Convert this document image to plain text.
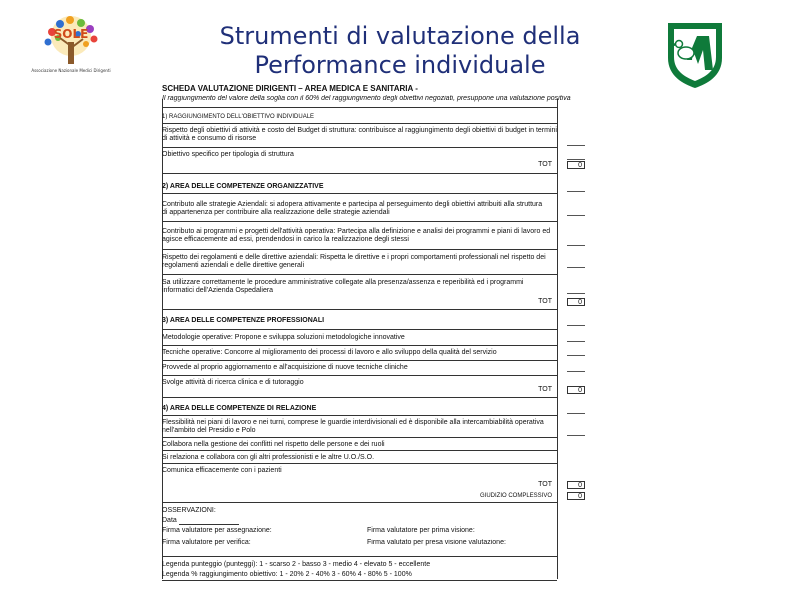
Strumenti di valutazione della
Performance individuale
SOLE
Associazione Nazionale Medici Dirigenti
SCHEDA VALUTAZIONE DIRIGENTI – AREA MEDICA E SANITARIA -
Il raggiungimento del valore della soglia con il 60% del raggiungimento degli obiettivi negoziati, presuppone una valutazione positiva
1) RAGGIUNGIMENTO DELL'OBIETTIVO INDIVIDUALE
Rispetto degli obiettivi di attività e costo del Budget di struttura: contribuisce al raggiungimento degli obiettivi di budget in termini di attività e consumo di risorse
Obiettivo specifico per tipologia di struttura
TOT	0
2) AREA DELLE COMPETENZE ORGANIZZATIVE
Contributo alle strategie Aziendali: si adopera attivamente e partecipa al perseguimento degli obiettivi attribuiti alla struttura di appartenenza per contribuire alla realizzazione delle strategie aziendali
Contributo ai programmi e progetti dell'attività operativa: Partecipa alla definizione e analisi dei programmi e piani di lavoro ed agisce efficacemente ad essi, prendendosi in carico la realizzazione degli stessi
Rispetto dei regolamenti e delle direttive aziendali: Rispetta le direttive e i propri comportamenti professionali nel rispetto dei regolamenti aziendali e delle direttive generali
Sa utilizzare correttamente le procedure amministrative collegate alla presenza/assenza e reperibilità ed i programmi informatici dell'Azienda Ospedaliera
TOT	0
3) AREA DELLE COMPETENZE PROFESSIONALI
Metodologie operative: Propone e sviluppa soluzioni metodologiche innovative
Tecniche operative: Concorre al miglioramento dei processi di lavoro e allo sviluppo della qualità del servizio
Provvede al proprio aggiornamento e all'acquisizione di nuove tecniche cliniche
Svolge attività di ricerca clinica e di tutoraggio
TOT	0
4) AREA DELLE COMPETENZE DI RELAZIONE
Flessibilità nei piani di lavoro e nei turni, comprese le guardie interdivisionali ed è disponibile alla intercambiabilità operativa nell'ambito del Presidio e Polo
Collabora nella gestione dei conflitti nel rispetto delle persone e dei ruoli
Si relaziona e collabora con gli altri professionisti e le altre U.O./S.O.
Comunica efficacemente con i pazienti
TOT	0
GIUDIZIO COMPLESSIVO	0
OSSERVAZIONI:
Data
Firma valutatore per assegnazione:	Firma valutatore per prima visione:
Firma valutatore per verifica:	Firma valutato per presa visione valutazione:
Legenda punteggio (punteggi): 1 - scarso 2 - basso 3 - medio 4 - elevato 5 - eccellente
Legenda % raggiungimento obiettivo: 1 - 20% 2 - 40% 3 - 60% 4 - 80% 5 - 100%
